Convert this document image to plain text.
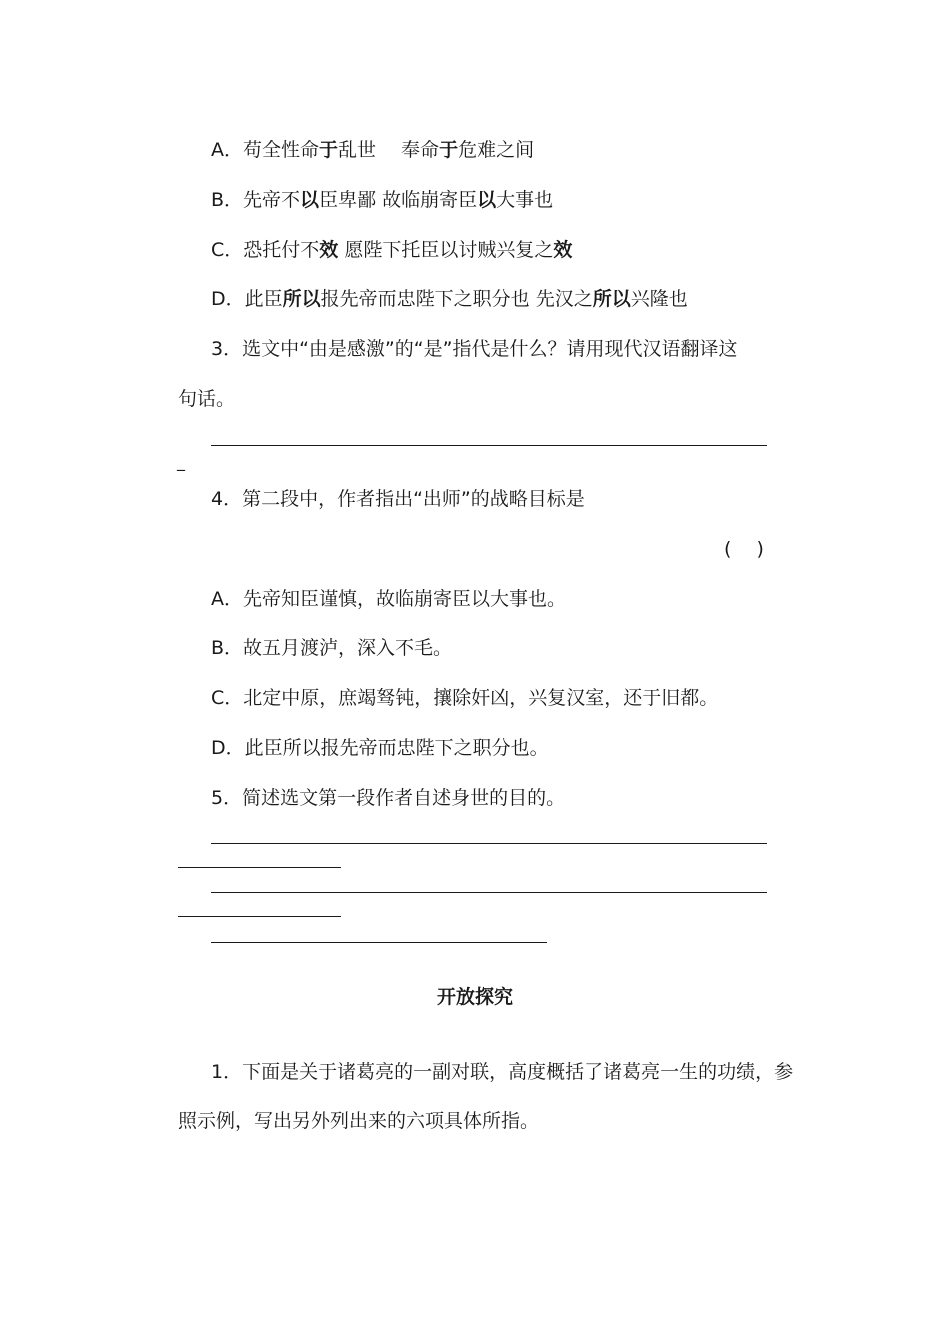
A．苟全性命于乱世　 奉命于危难之间
B．先帝不以臣卑鄙 故临崩寄臣以大事也
C．恐托付不效 愿陛下托臣以讨贼兴复之效
D．此臣所以报先帝而忠陛下之职分也 先汉之所以兴隆也
3．选文中“由是感激”的“是”指代是什么？请用现代汉语翻译这
句话。
_
4．第二段中，作者指出“出师”的战略目标是
(　 )
A．先帝知臣谨慎，故临崩寄臣以大事也。
B．故五月渡泸，深入不毛。
C．北定中原，庶竭驽钝，攘除奸凶，兴复汉室，还于旧都。
D．此臣所以报先帝而忠陛下之职分也。
5．简述选文第一段作者自述身世的目的。
开放探究
1．下面是关于诸葛亮的一副对联，高度概括了诸葛亮一生的功绩，参
照示例，写出另外列出来的六项具体所指。
